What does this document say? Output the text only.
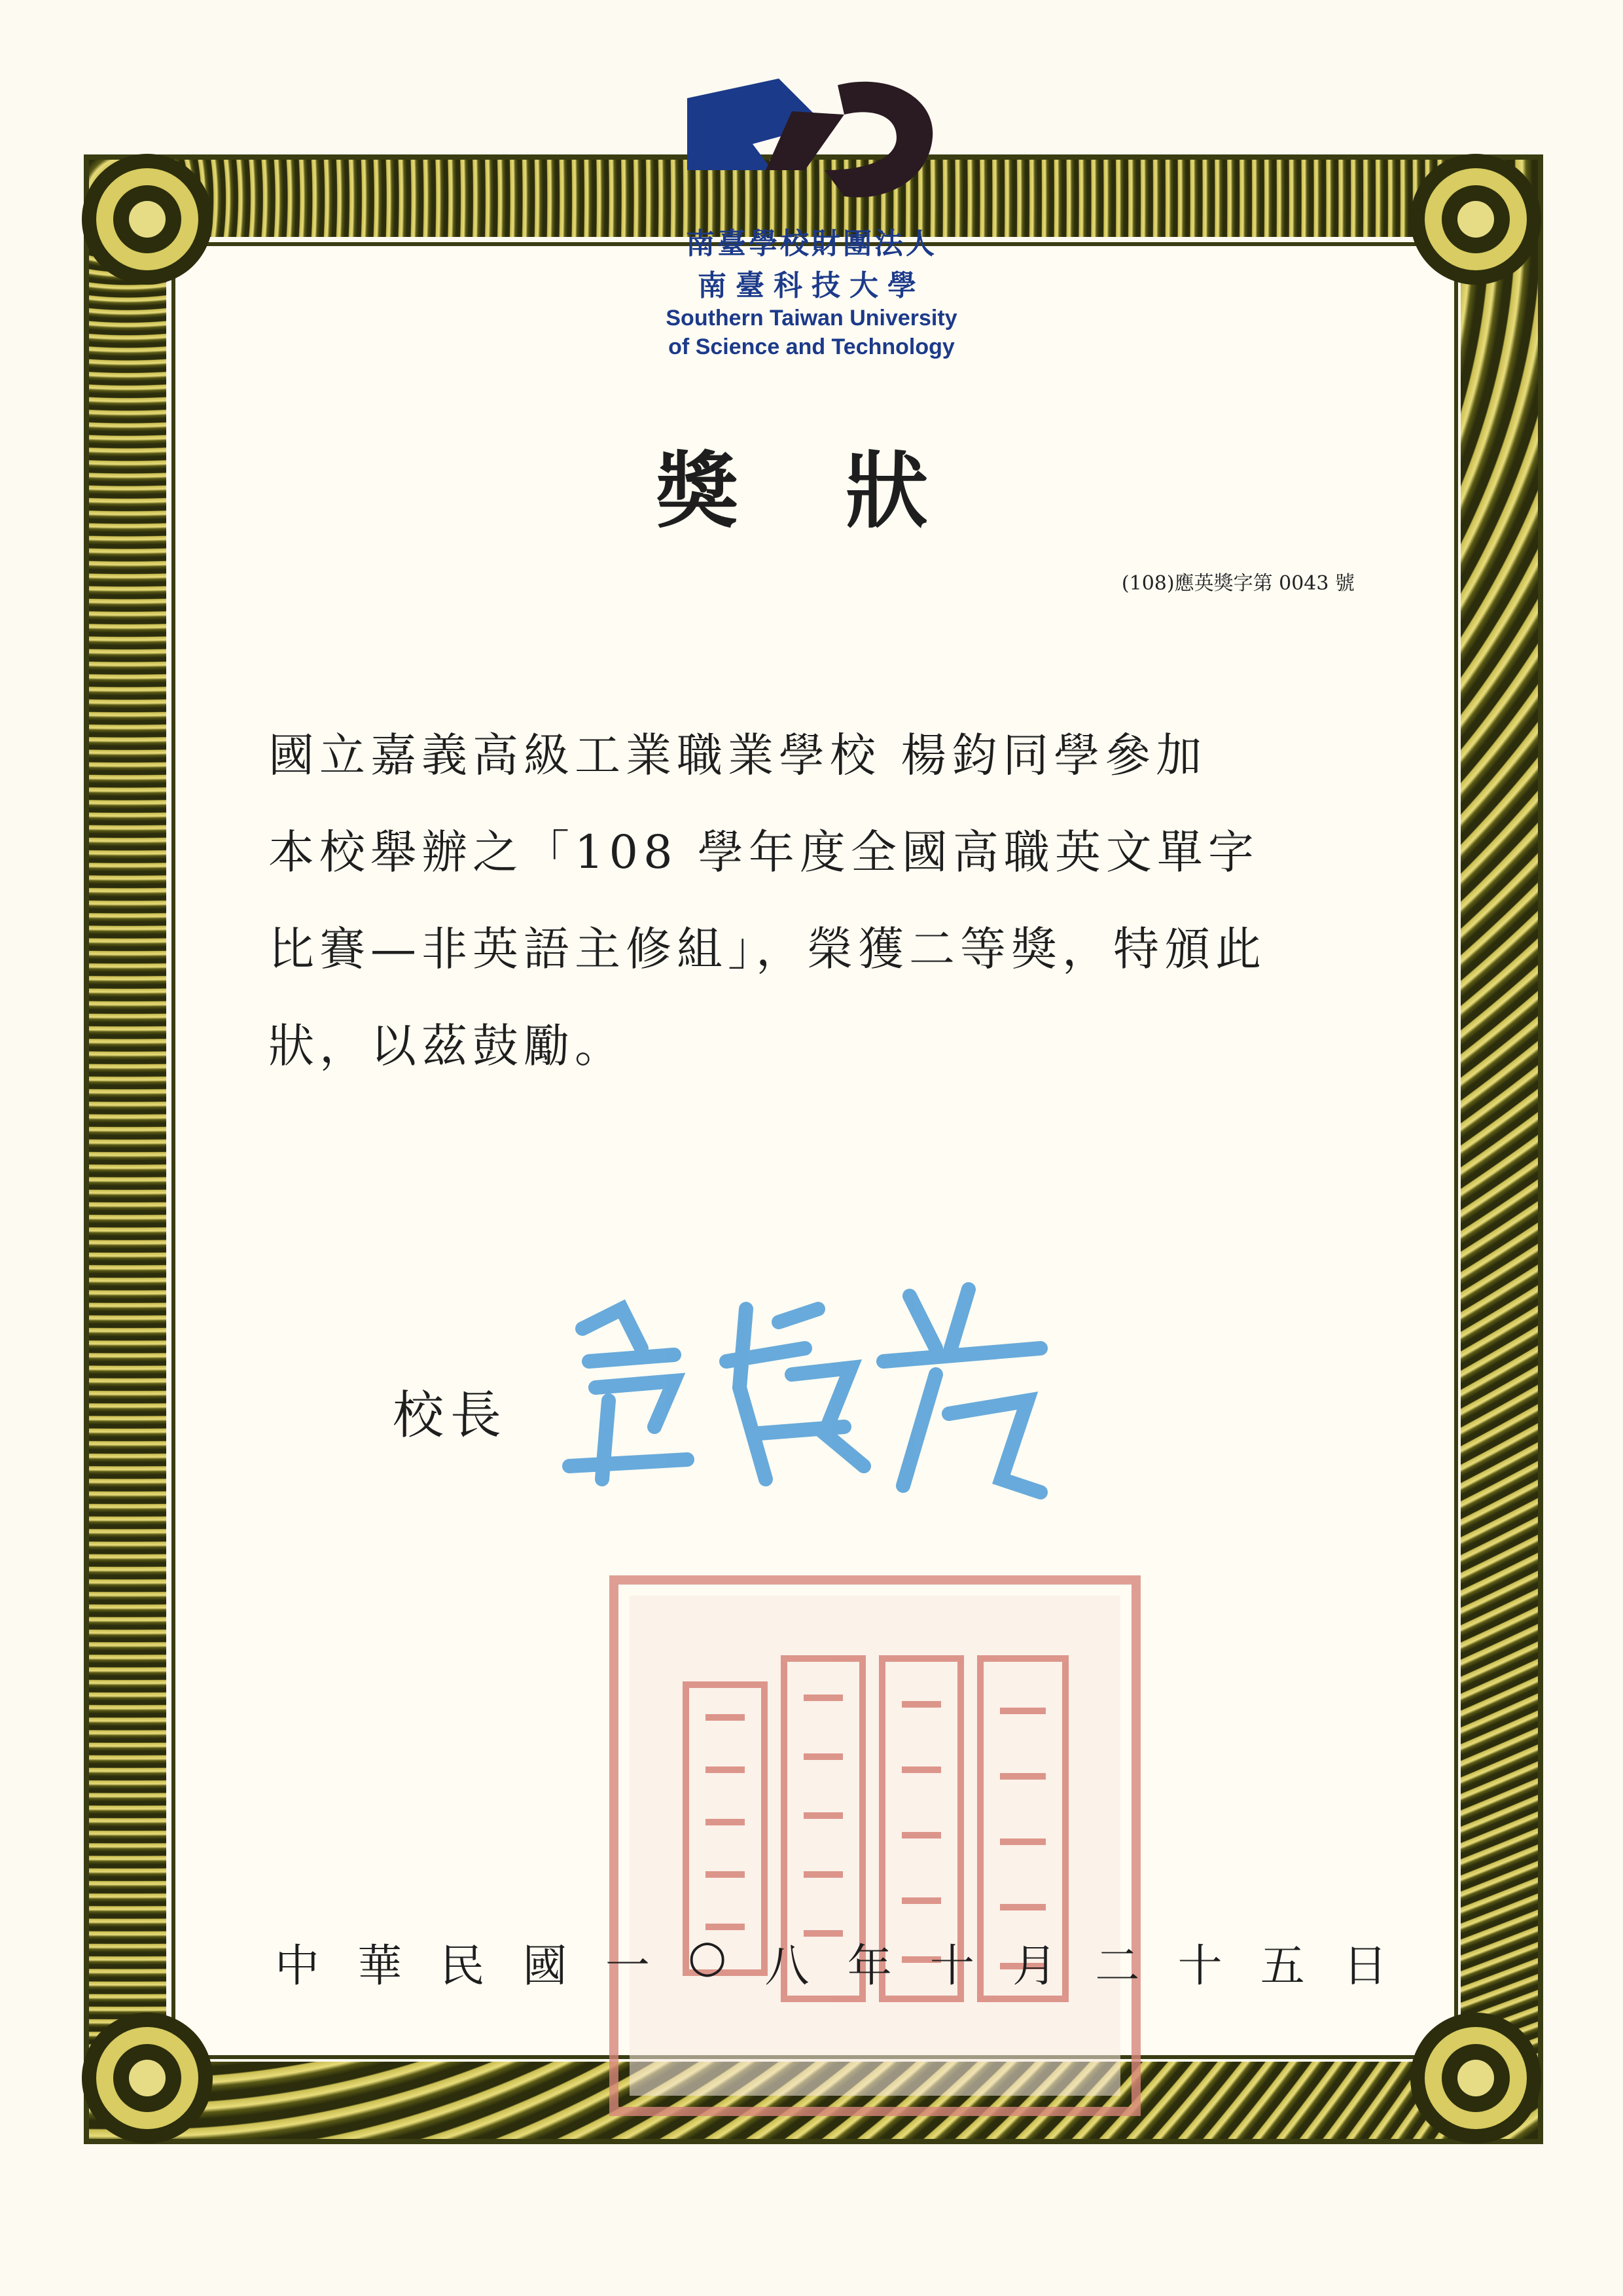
南臺學校財團法人
南臺科技大學
Southern Taiwan University
of Science and Technology
獎 狀
(108)應英獎字第 0043 號
國立嘉義高級工業職業學校 楊鈞同學參加
本校舉辦之「108 學年度全國高職英文單字
比賽—非英語主修組」，榮獲二等獎，特頒此
狀，以茲鼓勵。
校長
中 華 民 國 一 ○ 八 年 十 月 二 十 五 日
